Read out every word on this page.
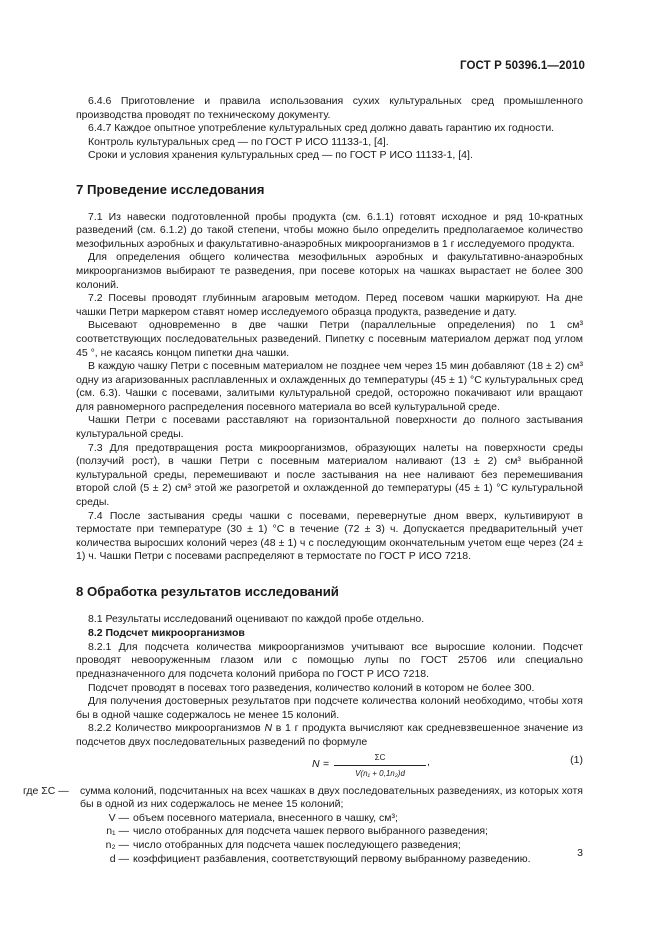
ГОСТ Р 50396.1—2010

6.4.6 Приготовление и правила использования сухих культуральных сред промышленного производства проводят по техническому документу.

6.4.7 Каждое опытное употребление культуральных сред должно давать гарантию их годности.

Контроль культуральных сред — по ГОСТ Р ИСО 11133-1, [4].

Сроки и условия хранения культуральных сред — по ГОСТ Р ИСО 11133-1, [4].

7 Проведение исследования

7.1 Из навески подготовленной пробы продукта (см. 6.1.1) готовят исходное и ряд 10-кратных разведений (см. 6.1.2) до такой степени, чтобы можно было определить предполагаемое количество мезофильных аэробных и факультативно-анаэробных микроорганизмов в 1 г исследуемого продукта.

Для определения общего количества мезофильных аэробных и факультативно-анаэробных микроорганизмов выбирают те разведения, при посеве которых на чашках вырастает не более 300 колоний.

7.2 Посевы проводят глубинным агаровым методом. Перед посевом чашки маркируют. На дне чашки Петри маркером ставят номер исследуемого образца продукта, разведение и дату.

Высевают одновременно в две чашки Петри (параллельные определения) по 1 см³ соответствующих последовательных разведений. Пипетку с посевным материалом держат под углом 45 °, не касаясь концом пипетки дна чашки.

В каждую чашку Петри с посевным материалом не позднее чем через 15 мин добавляют (18 ± 2) см³ одну из агаризованных расплавленных и охлажденных до температуры (45 ± 1) °С культуральных сред (см. 6.3). Чашки с посевами, залитыми культуральной средой, осторожно покачивают или вращают для равномерного распределения посевного материала во всей культуральной среде.

Чашки Петри с посевами расставляют на горизонтальной поверхности до полного застывания культуральной среды.

7.3 Для предотвращения роста микроорганизмов, образующих налеты на поверхности среды (ползучий рост), в чашки Петри с посевным материалом наливают (13 ± 2) см³ выбранной культуральной среды, перемешивают и после застывания на нее наливают без перемешивания второй слой (5 ± 2) см³ этой же разогретой и охлажденной до температуры (45 ± 1) °С культуральной среды.

7.4 После застывания среды чашки с посевами, перевернутые дном вверх, культивируют в термостате при температуре (30 ± 1) °С в течение (72 ± 3) ч. Допускается предварительный учет количества выросших колоний через (48 ± 1) ч с последующим окончательным учетом еще через (24 ± 1) ч. Чашки Петри с посевами распределяют в термостате по ГОСТ Р ИСО 7218.

8 Обработка результатов исследований

8.1 Результаты исследований оценивают по каждой пробе отдельно.

8.2 Подсчет микроорганизмов

8.2.1 Для подсчета количества микроорганизмов учитывают все выросшие колонии. Подсчет проводят невооруженным глазом или с помощью лупы по ГОСТ 25706 или специально предназначенного для подсчета колоний прибора по ГОСТ Р ИСО 7218.

Подсчет проводят в посевах того разведения, количество колоний в котором не более 300.

Для получения достоверных результатов при подсчете количества колоний необходимо, чтобы хотя бы в одной чашке содержалось не менее 15 колоний.

8.2.2 Количество микроорганизмов N в 1 г продукта вычисляют как средневзвешенное значение из подсчетов двух последовательных разведений по формуле

$N = \frac{\Sigma C}{\text{V(n₁ + 0,1n₂)d}}$ ,	(1)
где ΣC —	сумма колоний, подсчитанных на всех чашках в двух последовательных разведениях, из которых хотя бы в одной из них содержалось не менее 15 колоний;
V — объем посевного материала, внесенного в чашку, см³;
n₁ — число отобранных для подсчета чашек первого выбранного разведения;
n₂ — число отобранных для подсчета чашек последующего разведения;
d — коэффициент разбавления, соответствующий первому выбранному разведению.	3
